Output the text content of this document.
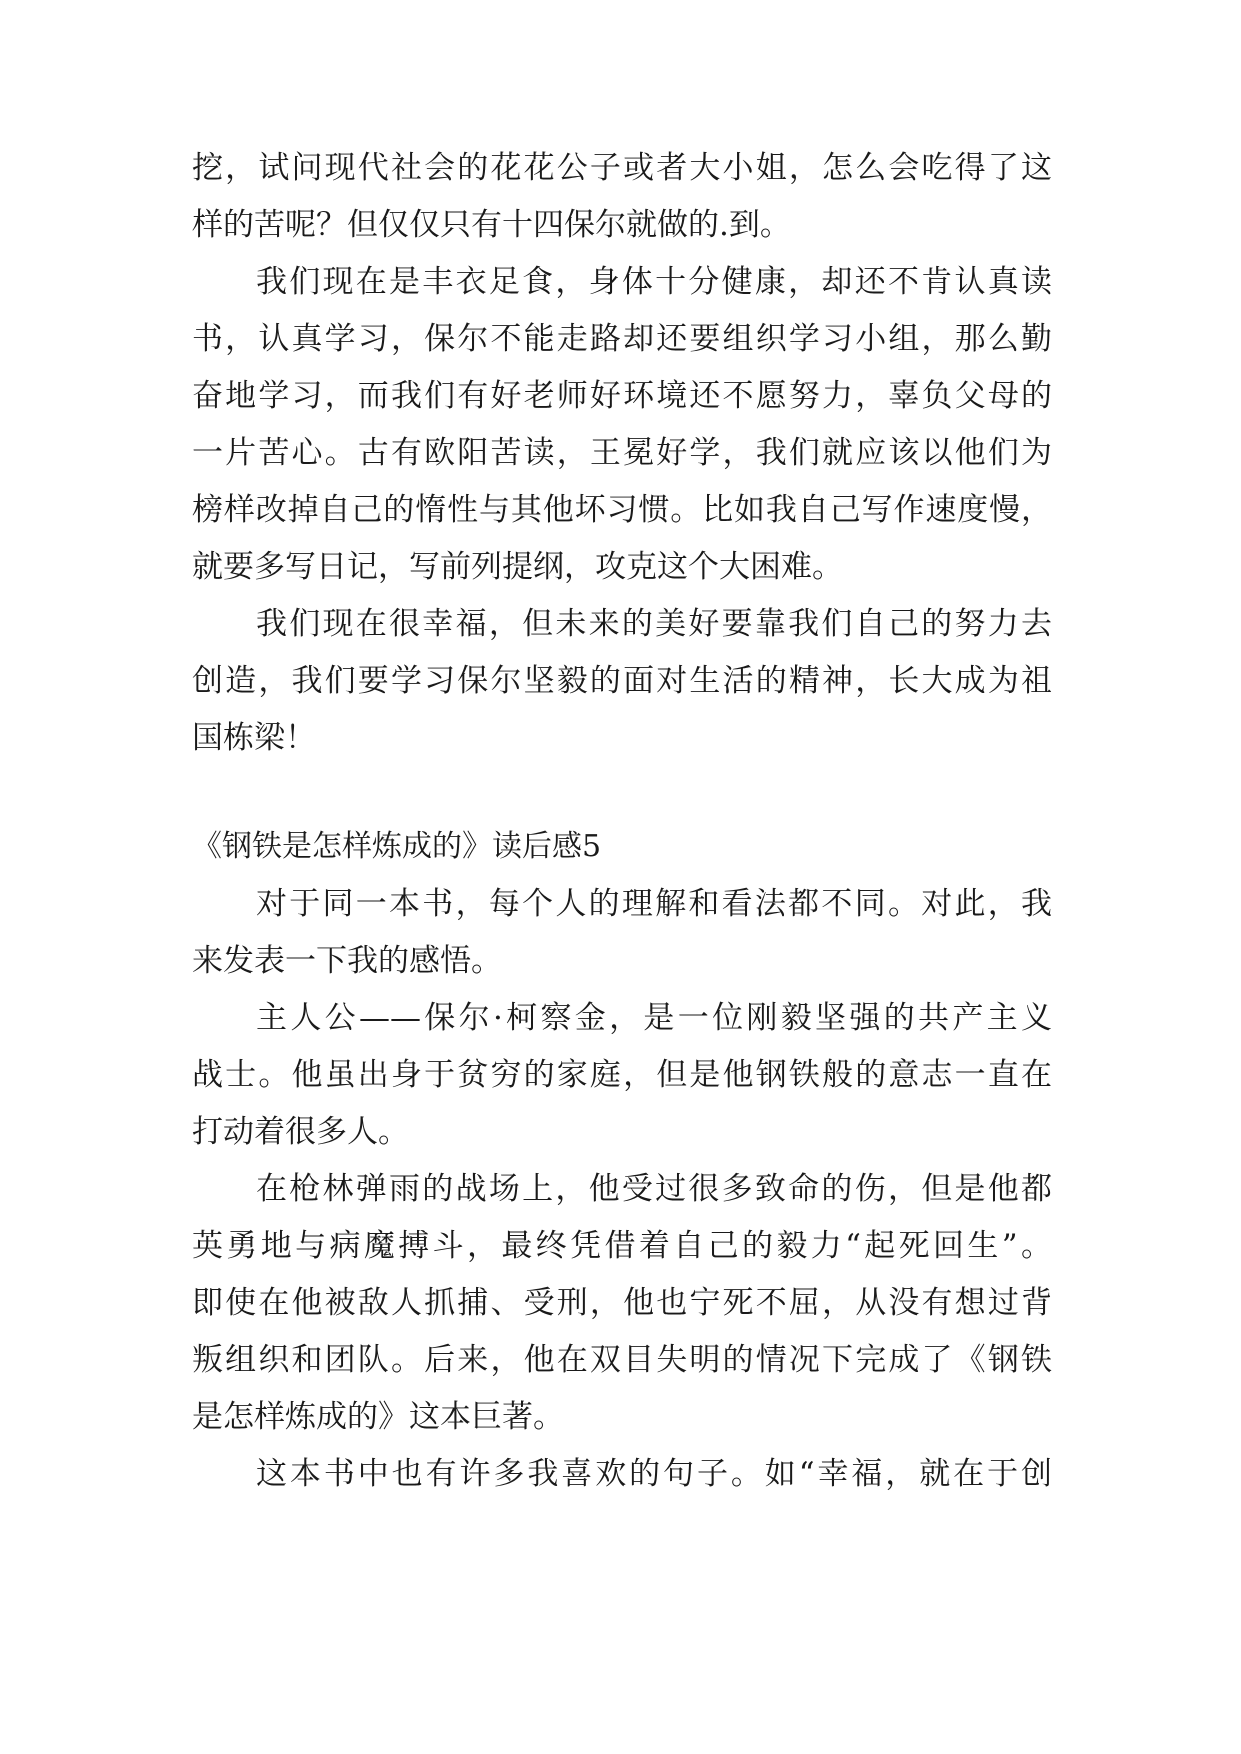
挖，试问现代社会的花花公子或者大小姐，怎么会吃得了这
样的苦呢？但仅仅只有十四保尔就做的.到。
我们现在是丰衣足食，身体十分健康，却还不肯认真读
书，认真学习，保尔不能走路却还要组织学习小组，那么勤
奋地学习，而我们有好老师好环境还不愿努力，辜负父母的
一片苦心。古有欧阳苦读，王冕好学，我们就应该以他们为
榜样改掉自己的惰性与其他坏习惯。比如我自己写作速度慢，
就要多写日记，写前列提纲，攻克这个大困难。
我们现在很幸福，但未来的美好要靠我们自己的努力去
创造，我们要学习保尔坚毅的面对生活的精神，长大成为祖
国栋梁！
《钢铁是怎样炼成的》读后感5
对于同一本书，每个人的理解和看法都不同。对此，我
来发表一下我的感悟。
主人公——保尔·柯察金，是一位刚毅坚强的共产主义
战士。他虽出身于贫穷的家庭，但是他钢铁般的意志一直在
打动着很多人。
在枪林弹雨的战场上，他受过很多致命的伤，但是他都
英勇地与病魔搏斗，最终凭借着自己的毅力“起死回生”。
即使在他被敌人抓捕、受刑，他也宁死不屈，从没有想过背
叛组织和团队。后来，他在双目失明的情况下完成了《钢铁
是怎样炼成的》这本巨著。
这本书中也有许多我喜欢的句子。如“幸福，就在于创
